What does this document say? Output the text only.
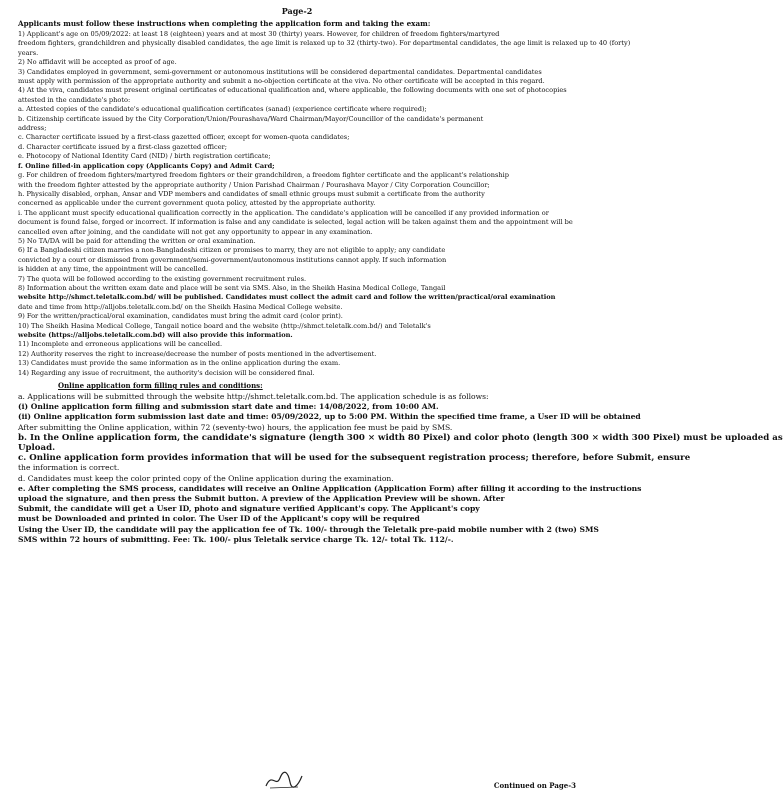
Page-2
Applicants must follow these instructions when completing the application form and taking the exam:
1) Applicant's age on 05/09/2022: at least 18 (eighteen) years and at most 30 (thirty) years. However, for children of freedom fighters/martyred
freedom fighters, grandchildren and physically disabled candidates, the age limit is relaxed up to 32 (thirty-two). For departmental candidates, the age limit is relaxed up to 40 (forty)
years.
2) No affidavit will be accepted as proof of age.
3) Candidates employed in government, semi-government or autonomous institutions will be considered departmental candidates. Departmental candidates
must apply with permission of the appropriate authority and submit a no-objection certificate at the viva. No other certificate will be accepted in this regard.
4) At the viva, candidates must present original certificates of educational qualification and, where applicable, the following documents with one set of photocopies
attested in the candidate's photo:
a. Attested copies of the candidate's educational qualification certificates (sanad) (experience certificate where required);
b. Citizenship certificate issued by the City Corporation/Union/Pourashava/Ward Chairman/Mayor/Councillor of the candidate's permanent
address;
c. Character certificate issued by a first-class gazetted officer, except for women-quota candidates;
d. Character certificate issued by a first-class gazetted officer;
e. Photocopy of National Identity Card (NID) / birth registration certificate;
f. Online filled-in application copy (Applicants Copy) and Admit Card;
g. For children of freedom fighters/martyred freedom fighters or their grandchildren, a freedom fighter certificate and the applicant's relationship
with the freedom fighter attested by the appropriate authority / Union Parishad Chairman / Pourashava Mayor / City Corporation Councillor;
h. Physically disabled, orphan, Ansar and VDP members and candidates of small ethnic groups must submit a certificate from the authority
concerned as applicable under the current government quota policy, attested by the appropriate authority.
i. The applicant must specify educational qualification correctly in the application. The candidate's application will be cancelled if any provided information or
document is found false, forged or incorrect. If information is false and any candidate is selected, legal action will be taken against them and the appointment will be
cancelled even after joining, and the candidate will not get any opportunity to appear in any examination.
5) No TA/DA will be paid for attending the written or oral examination.
6) If a Bangladeshi citizen marries a non-Bangladeshi citizen or promises to marry, they are not eligible to apply; any candidate
convicted by a court or dismissed from government/semi-government/autonomous institutions cannot apply. If such information
is hidden at any time, the appointment will be cancelled.
7) The quota will be followed according to the existing government recruitment rules.
8) Information about the written exam date and place will be sent via SMS. Also, in the Sheikh Hasina Medical College, Tangail
website http://shmct.teletalk.com.bd/ will be published. Candidates must collect the admit card and follow the written/practical/oral examination
date and time from http://alljobs.teletalk.com.bd/ on the Sheikh Hasina Medical College website.
9) For the written/practical/oral examination, candidates must bring the admit card (color print).
10) The Sheikh Hasina Medical College, Tangail notice board and the website (http://shmct.teletalk.com.bd/) and Teletalk's
website (https://alljobs.teletalk.com.bd) will also provide this information.
11) Incomplete and erroneous applications will be cancelled.
12) Authority reserves the right to increase/decrease the number of posts mentioned in the advertisement.
13) Candidates must provide the same information as in the online application during the exam.
14) Regarding any issue of recruitment, the authority's decision will be considered final.
Online application form filling rules and conditions:
a. Applications will be submitted through the website http://shmct.teletalk.com.bd. The application schedule is as follows:
(i) Online application form filling and submission start date and time: 14/08/2022, from 10:00 AM.
(ii) Online application form submission last date and time: 05/09/2022, up to 5:00 PM. Within the specified time frame, a User ID will be obtained
After submitting the Online application, within 72 (seventy-two) hours, the application fee must be paid by SMS.
b. In the Online application form, the candidate's signature (length 300 × width 80 Pixel) and color photo (length 300 × width 300 Pixel) must be uploaded as
Upload.
c. Online application form provides information that will be used for the subsequent registration process; therefore, before Submit, ensure
the information is correct.
d. Candidates must keep the color printed copy of the Online application during the examination.
e. After completing the SMS process, candidates will receive an Online Application (Application Form) after filling it according to the instructions
upload the signature, and then press the Submit button. A preview of the Application Preview will be shown. After
Submit, the candidate will get a User ID, photo and signature verified Applicant's copy. The Applicant's copy
must be Downloaded and printed in color. The User ID of the Applicant's copy will be required
Using the User ID, the candidate will pay the application fee of Tk. 100/- through the Teletalk pre-paid mobile number with 2 (two) SMS
SMS within 72 hours of submitting. Fee: Tk. 100/- plus Teletalk service charge Tk. 12/- total Tk. 112/-.
Continued on Page-3
